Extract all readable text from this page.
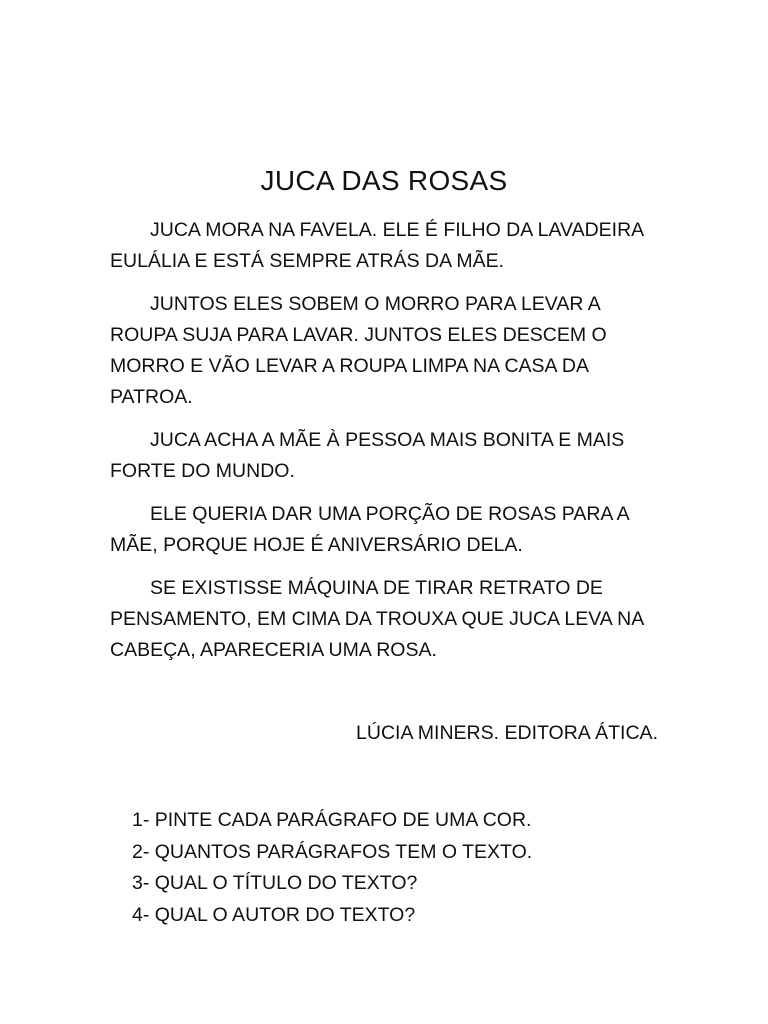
JUCA DAS ROSAS

JUCA MORA NA FAVELA. ELE É FILHO DA LAVADEIRA EULÁLIA E ESTÁ SEMPRE ATRÁS DA MÃE.

JUNTOS ELES SOBEM O MORRO PARA LEVAR A ROUPA SUJA PARA LAVAR. JUNTOS ELES DESCEM O MORRO E VÃO LEVAR A ROUPA LIMPA NA CASA DA PATROA.

JUCA ACHA A MÃE À PESSOA MAIS BONITA E MAIS FORTE DO MUNDO.

ELE QUERIA DAR UMA PORÇÃO DE ROSAS PARA A MÃE, PORQUE HOJE É ANIVERSÁRIO DELA.

SE EXISTISSE MÁQUINA DE TIRAR RETRATO DE PENSAMENTO, EM CIMA DA TROUXA QUE JUCA LEVA NA CABEÇA, APARECERIA UMA ROSA.

LÚCIA MINERS. EDITORA ÁTICA.
1- PINTE CADA PARÁGRAFO DE UMA COR.
2- QUANTOS PARÁGRAFOS TEM O TEXTO.
3- QUAL O TÍTULO DO TEXTO?
4- QUAL O AUTOR DO TEXTO?
